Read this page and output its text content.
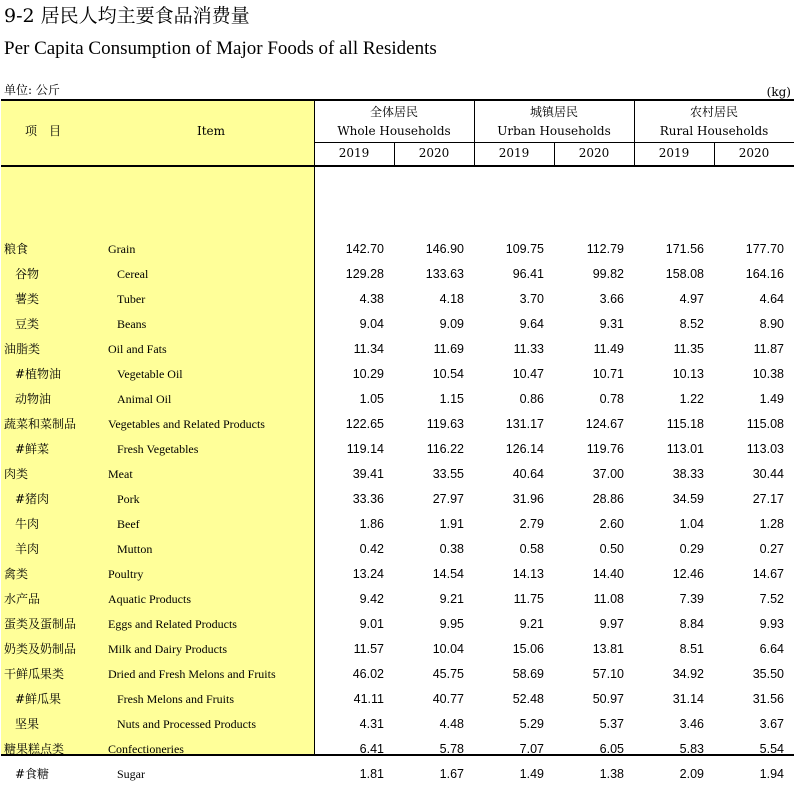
9-2 居民人均主要食品消费量
Per Capita Consumption of Major Foods of all Residents
单位: 公斤	(kg)
项　目	Item
全体居民
Whole Households
城镇居民
Urban Households
农村居民
Rural Households
2019	2020	2019	2020	2019	2020
粮食	Grain	142.70	146.90	109.75	112.79	171.56	177.70
谷物	Cereal	129.28	133.63	96.41	99.82	158.08	164.16
薯类	Tuber	4.38	4.18	3.70	3.66	4.97	4.64
豆类	Beans	9.04	9.09	9.64	9.31	8.52	8.90
油脂类	Oil and Fats	11.34	11.69	11.33	11.49	11.35	11.87
#植物油	Vegetable Oil	10.29	10.54	10.47	10.71	10.13	10.38
动物油	Animal Oil	1.05	1.15	0.86	0.78	1.22	1.49
蔬菜和菜制品	Vegetables and Related Products	122.65	119.63	131.17	124.67	115.18	115.08
#鲜菜	Fresh Vegetables	119.14	116.22	126.14	119.76	113.01	113.03
肉类	Meat	39.41	33.55	40.64	37.00	38.33	30.44
#猪肉	Pork	33.36	27.97	31.96	28.86	34.59	27.17
牛肉	Beef	1.86	1.91	2.79	2.60	1.04	1.28
羊肉	Mutton	0.42	0.38	0.58	0.50	0.29	0.27
禽类	Poultry	13.24	14.54	14.13	14.40	12.46	14.67
水产品	Aquatic Products	9.42	9.21	11.75	11.08	7.39	7.52
蛋类及蛋制品	Eggs and Related Products	9.01	9.95	9.21	9.97	8.84	9.93
奶类及奶制品	Milk and Dairy Products	11.57	10.04	15.06	13.81	8.51	6.64
干鲜瓜果类	Dried and Fresh Melons and Fruits	46.02	45.75	58.69	57.10	34.92	35.50
#鲜瓜果	Fresh Melons and Fruits	41.11	40.77	52.48	50.97	31.14	31.56
坚果	Nuts and Processed Products	4.31	4.48	5.29	5.37	3.46	3.67
糖果糕点类	Confectioneries	6.41	5.78	7.07	6.05	5.83	5.54
#食糖	Sugar	1.81	1.67	1.49	1.38	2.09	1.94
